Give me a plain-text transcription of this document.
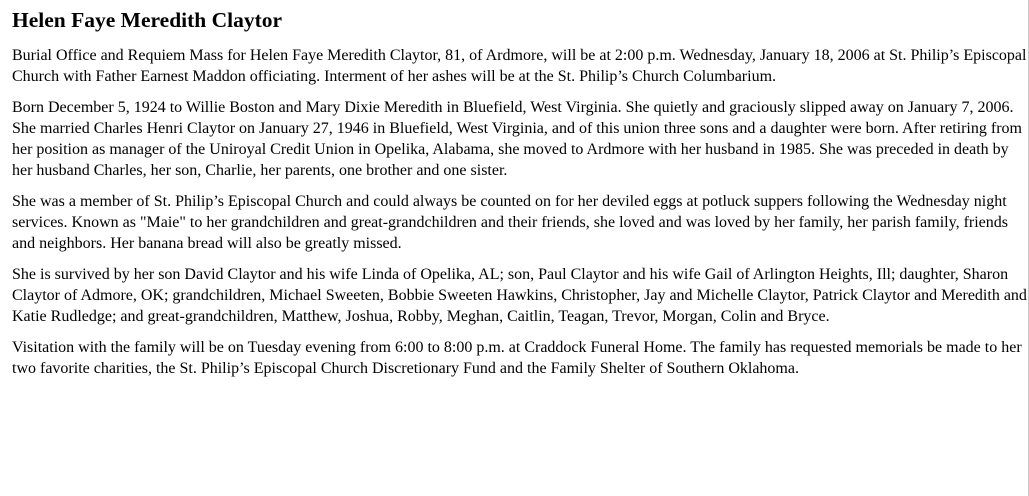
Helen Faye Meredith Claytor

Burial Office and Requiem Mass for Helen Faye Meredith Claytor, 81, of Ardmore, will be at 2:00 p.m. Wednesday, January 18, 2006 at St. Philip’s Episcopal Church with Father Earnest Maddon officiating. Interment of her ashes will be at the St. Philip’s Church Columbarium.

Born December 5, 1924 to Willie Boston and Mary Dixie Meredith in Bluefield, West Virginia. She quietly and graciously slipped away on January 7, 2006. She married Charles Henri Claytor on January 27, 1946 in Bluefield, West Virginia, and of this union three sons and a daughter were born. After retiring from her position as manager of the Uniroyal Credit Union in Opelika, Alabama, she moved to Ardmore with her husband in 1985. She was preceded in death by her husband Charles, her son, Charlie, her parents, one brother and one sister.

She was a member of St. Philip’s Episcopal Church and could always be counted on for her deviled eggs at potluck suppers following the Wednesday night services. Known as "Maie" to her grandchildren and great-grandchildren and their friends, she loved and was loved by her family, her parish family, friends and neighbors. Her banana bread will also be greatly missed.

She is survived by her son David Claytor and his wife Linda of Opelika, AL; son, Paul Claytor and his wife Gail of Arlington Heights, Ill; daughter, Sharon Claytor of Admore, OK; grandchildren, Michael Sweeten, Bobbie Sweeten Hawkins, Christopher, Jay and Michelle Claytor, Patrick Claytor and Meredith and Katie Rudledge; and great-grandchildren, Matthew, Joshua, Robby, Meghan, Caitlin, Teagan, Trevor, Morgan, Colin and Bryce.

Visitation with the family will be on Tuesday evening from 6:00 to 8:00 p.m. at Craddock Funeral Home. The family has requested memorials be made to her two favorite charities, the St. Philip’s Episcopal Church Discretionary Fund and the Family Shelter of Southern Oklahoma.
